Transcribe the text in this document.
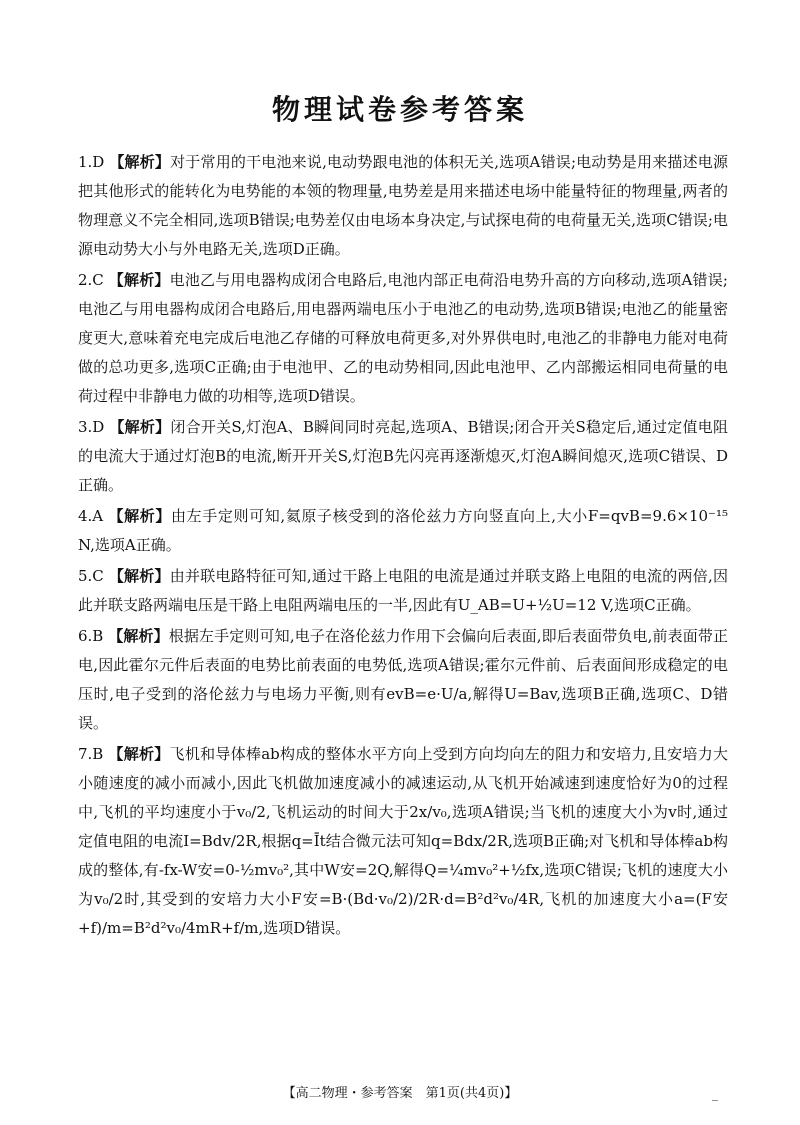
物理试卷参考答案
1.D 【解析】对于常用的干电池来说,电动势跟电池的体积无关,选项A错误;电动势是用来描述电源把其他形式的能转化为电势能的本领的物理量,电势差是用来描述电场中能量特征的物理量,两者的物理意义不完全相同,选项B错误;电势差仅由电场本身决定,与试探电荷的电荷量无关,选项C错误;电源电动势大小与外电路无关,选项D正确。
2.C 【解析】电池乙与用电器构成闭合电路后,电池内部正电荷沿电势升高的方向移动,选项A错误;电池乙与用电器构成闭合电路后,用电器两端电压小于电池乙的电动势,选项B错误;电池乙的能量密度更大,意味着充电完成后电池乙存储的可释放电荷更多,对外界供电时,电池乙的非静电力能对电荷做的总功更多,选项C正确;由于电池甲、乙的电动势相同,因此电池甲、乙内部搬运相同电荷量的电荷过程中非静电力做的功相等,选项D错误。
3.D 【解析】闭合开关S,灯泡A、B瞬间同时亮起,选项A、B错误;闭合开关S稳定后,通过定值电阻的电流大于通过灯泡B的电流,断开开关S,灯泡B先闪亮再逐渐熄灭,灯泡A瞬间熄灭,选项C错误、D正确。
4.A 【解析】由左手定则可知,氦原子核受到的洛伦兹力方向竖直向上,大小F=qvB=9.6×10⁻¹⁵ N,选项A正确。
5.C 【解析】由并联电路特征可知,通过干路上电阻的电流是通过并联支路上电阻的电流的两倍,因此并联支路两端电压是干路上电阻两端电压的一半,因此有U_AB=U+½U=12 V,选项C正确。
6.B 【解析】根据左手定则可知,电子在洛伦兹力作用下会偏向后表面,即后表面带负电,前表面带正电,因此霍尔元件后表面的电势比前表面的电势低,选项A错误;霍尔元件前、后表面间形成稳定的电压时,电子受到的洛伦兹力与电场力平衡,则有evB=e·U/a,解得U=Bav,选项B正确,选项C、D错误。
7.B 【解析】飞机和导体棒ab构成的整体水平方向上受到方向均向左的阻力和安培力,且安培力大小随速度的减小而减小,因此飞机做加速度减小的减速运动,从飞机开始减速到速度恰好为0的过程中,飞机的平均速度小于v₀/2,飞机运动的时间大于2x/v₀,选项A错误;当飞机的速度大小为v时,通过定值电阻的电流I=Bdv/2R,根据q=Īt结合微元法可知q=Bdx/2R,选项B正确;对飞机和导体棒ab构成的整体,有-fx-W安=0-½mv₀²,其中W安=2Q,解得Q=¼mv₀²+½fx,选项C错误;飞机的速度大小为v₀/2时,其受到的安培力大小F安=B·(Bd·v₀/2)/2R·d=B²d²v₀/4R,飞机的加速度大小a=(F安+f)/m=B²d²v₀/4mR+f/m,选项D错误。
【高二物理・参考答案　第1页(共4页)】
‾
